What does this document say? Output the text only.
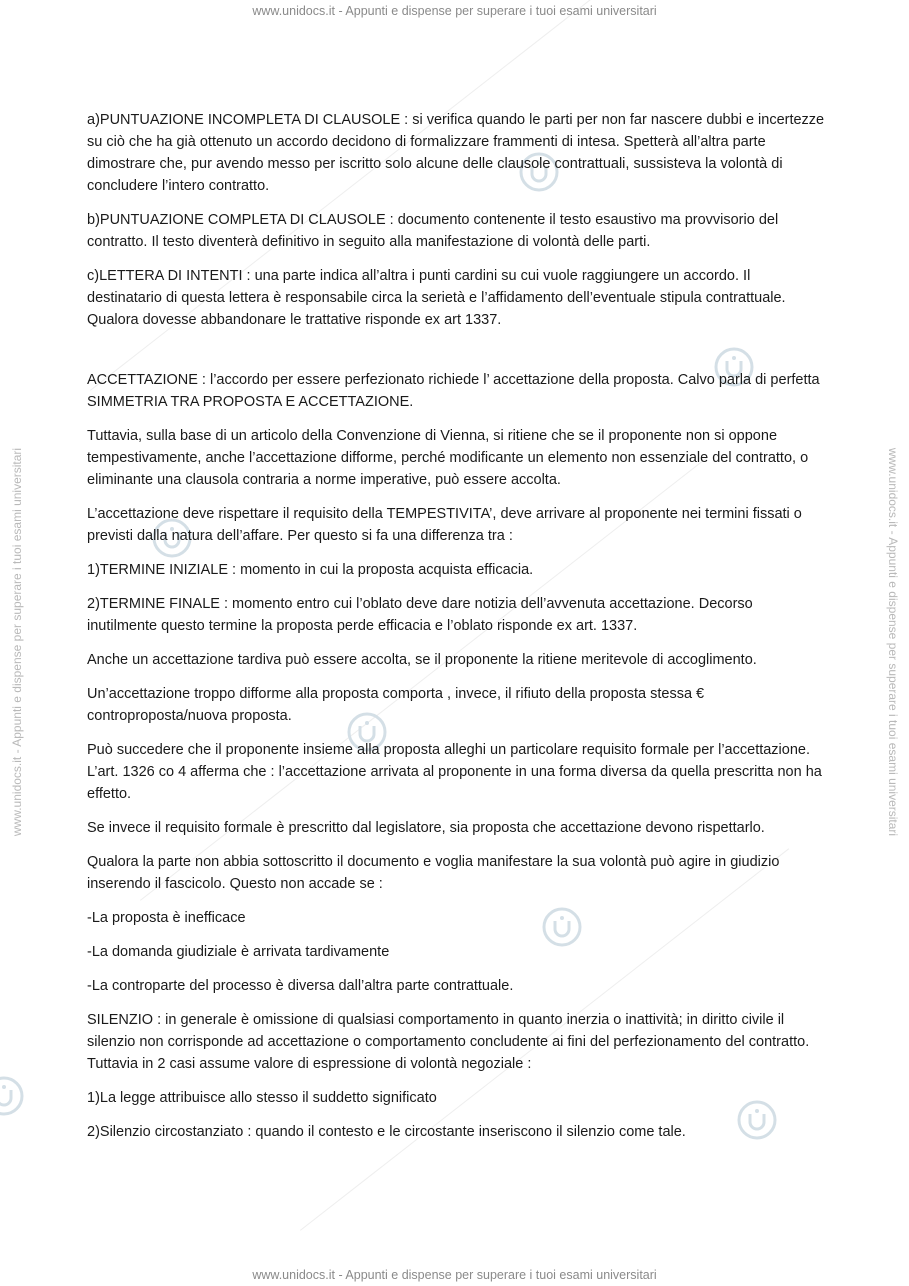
www.unidocs.it - Appunti e dispense per superare i tuoi esami universitari
www.unidocs.it - Appunti e dispense per superare i tuoi esami universitari
www.unidocs.it - Appunti e dispense per superare i tuoi esami universitari	www.unidocs.it - Appunti e dispense per superare i tuoi esami universitari

a)PUNTUAZIONE INCOMPLETA DI CLAUSOLE : si verifica quando le parti per non far nascere dubbi e incertezze su ciò che ha già ottenuto un accordo decidono di formalizzare frammenti di intesa. Spetterà all’altra parte dimostrare che, pur avendo messo per iscritto solo alcune delle clausole contrattuali, sussisteva la volontà di concludere l’intero contratto.

b)PUNTUAZIONE COMPLETA DI CLAUSOLE : documento contenente il testo esaustivo ma provvisorio del contratto. Il testo diventerà definitivo in seguito alla manifestazione di volontà delle parti.

c)LETTERA DI INTENTI : una parte indica all’altra i punti cardini su cui vuole raggiungere un accordo. Il destinatario di questa lettera è responsabile circa la serietà e l’affidamento dell’eventuale stipula contrattuale. Qualora dovesse abbandonare le trattative risponde ex art 1337.

ACCETTAZIONE : l’accordo per essere perfezionato richiede l’ accettazione della proposta. Calvo parla di perfetta SIMMETRIA TRA PROPOSTA E ACCETTAZIONE.

Tuttavia, sulla base di un articolo della Convenzione di Vienna, si ritiene che se il proponente non si oppone tempestivamente, anche l’accettazione difforme, perché modificante un elemento non essenziale del contratto, o eliminante una clausola contraria a norme imperative, può essere accolta.

L’accettazione deve rispettare il requisito della TEMPESTIVITA’, deve arrivare al proponente nei termini fissati o previsti dalla natura dell’affare. Per questo si fa una differenza tra :

1)TERMINE INIZIALE : momento in cui la proposta acquista efficacia.

2)TERMINE FINALE : momento entro cui l’oblato deve dare notizia dell’avvenuta accettazione. Decorso inutilmente questo termine la proposta perde efficacia e l’oblato risponde ex art. 1337.

Anche un accettazione tardiva può essere accolta, se il proponente la ritiene meritevole di accoglimento.

Un’accettazione troppo difforme alla proposta comporta , invece, il rifiuto della proposta stessa € controproposta/nuova proposta.

Può succedere che il proponente insieme alla proposta alleghi un particolare requisito formale per l’accettazione. L’art. 1326 co 4 afferma che : l’accettazione arrivata al proponente in una forma diversa da quella prescritta non ha effetto.

Se invece il requisito formale è prescritto dal legislatore, sia proposta che accettazione devono rispettarlo.

Qualora la parte non abbia sottoscritto il documento e voglia manifestare la sua volontà può agire in giudizio inserendo il fascicolo. Questo non accade se :

-La proposta è inefficace

-La domanda giudiziale è arrivata tardivamente

-La controparte del processo è diversa dall’altra parte contrattuale.

SILENZIO : in generale è omissione di qualsiasi comportamento in quanto inerzia o inattività; in diritto civile il silenzio non corrisponde ad accettazione o comportamento concludente ai fini del perfezionamento del contratto. Tuttavia in 2 casi assume valore di espressione di volontà negoziale :

1)La legge attribuisce allo stesso il suddetto significato

2)Silenzio circostanziato : quando il contesto e le circostante inseriscono il silenzio come tale.
